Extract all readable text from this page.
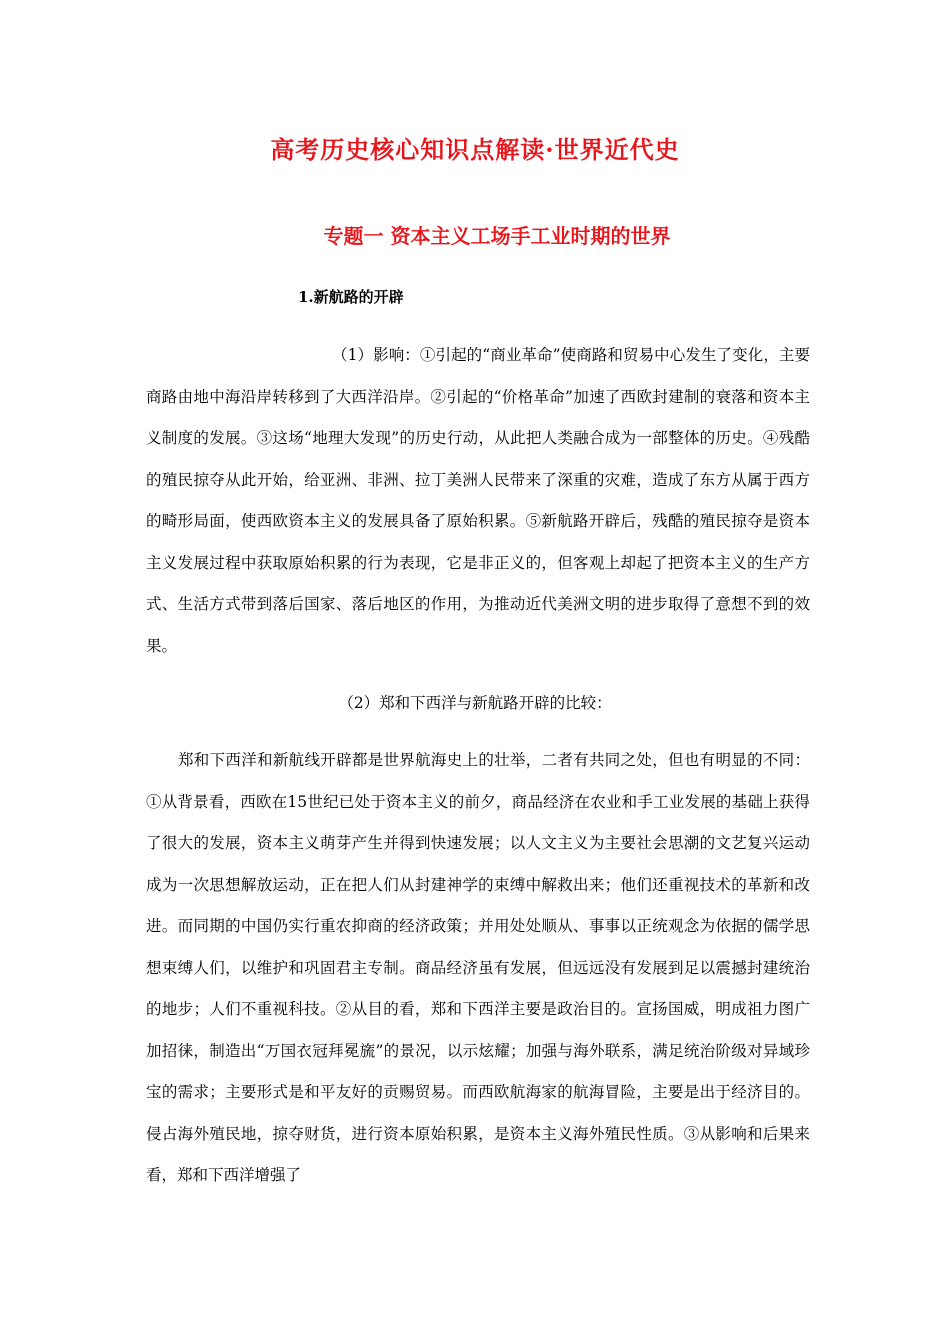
高考历史核心知识点解读·世界近代史
专题一 资本主义工场手工业时期的世界
1.新航路的开辟
（1）影响：①引起的“商业革命”使商路和贸易中心发生了变化，主要商路由地中海沿岸转移到了大西洋沿岸。②引起的“价格革命”加速了西欧封建制的衰落和资本主义制度的发展。③这场“地理大发现”的历史行动，从此把人类融合成为一部整体的历史。④残酷的殖民掠夺从此开始，给亚洲、非洲、拉丁美洲人民带来了深重的灾难，造成了东方从属于西方的畸形局面，使西欧资本主义的发展具备了原始积累。⑤新航路开辟后，残酷的殖民掠夺是资本主义发展过程中获取原始积累的行为表现，它是非正义的，但客观上却起了把资本主义的生产方式、生活方式带到落后国家、落后地区的作用，为推动近代美洲文明的进步取得了意想不到的效果。
（2）郑和下西洋与新航路开辟的比较：
郑和下西洋和新航线开辟都是世界航海史上的壮举，二者有共同之处，但也有明显的不同：①从背景看，西欧在15世纪已处于资本主义的前夕，商品经济在农业和手工业发展的基础上获得了很大的发展，资本主义萌芽产生并得到快速发展；以人文主义为主要社会思潮的文艺复兴运动成为一次思想解放运动，正在把人们从封建神学的束缚中解救出来；他们还重视技术的革新和改进。而同期的中国仍实行重农抑商的经济政策；并用处处顺从、事事以正统观念为依据的儒学思想束缚人们，以维护和巩固君主专制。商品经济虽有发展，但远远没有发展到足以震撼封建统治的地步；人们不重视科技。②从目的看，郑和下西洋主要是政治目的。宣扬国威，明成祖力图广加招徕，制造出“万国衣冠拜冕旒”的景况，以示炫耀；加强与海外联系，满足统治阶级对异域珍宝的需求；主要形式是和平友好的贡赐贸易。而西欧航海家的航海冒险，主要是出于经济目的。侵占海外殖民地，掠夺财货，进行资本原始积累，是资本主义海外殖民性质。③从影响和后果来看，郑和下西洋增强了
